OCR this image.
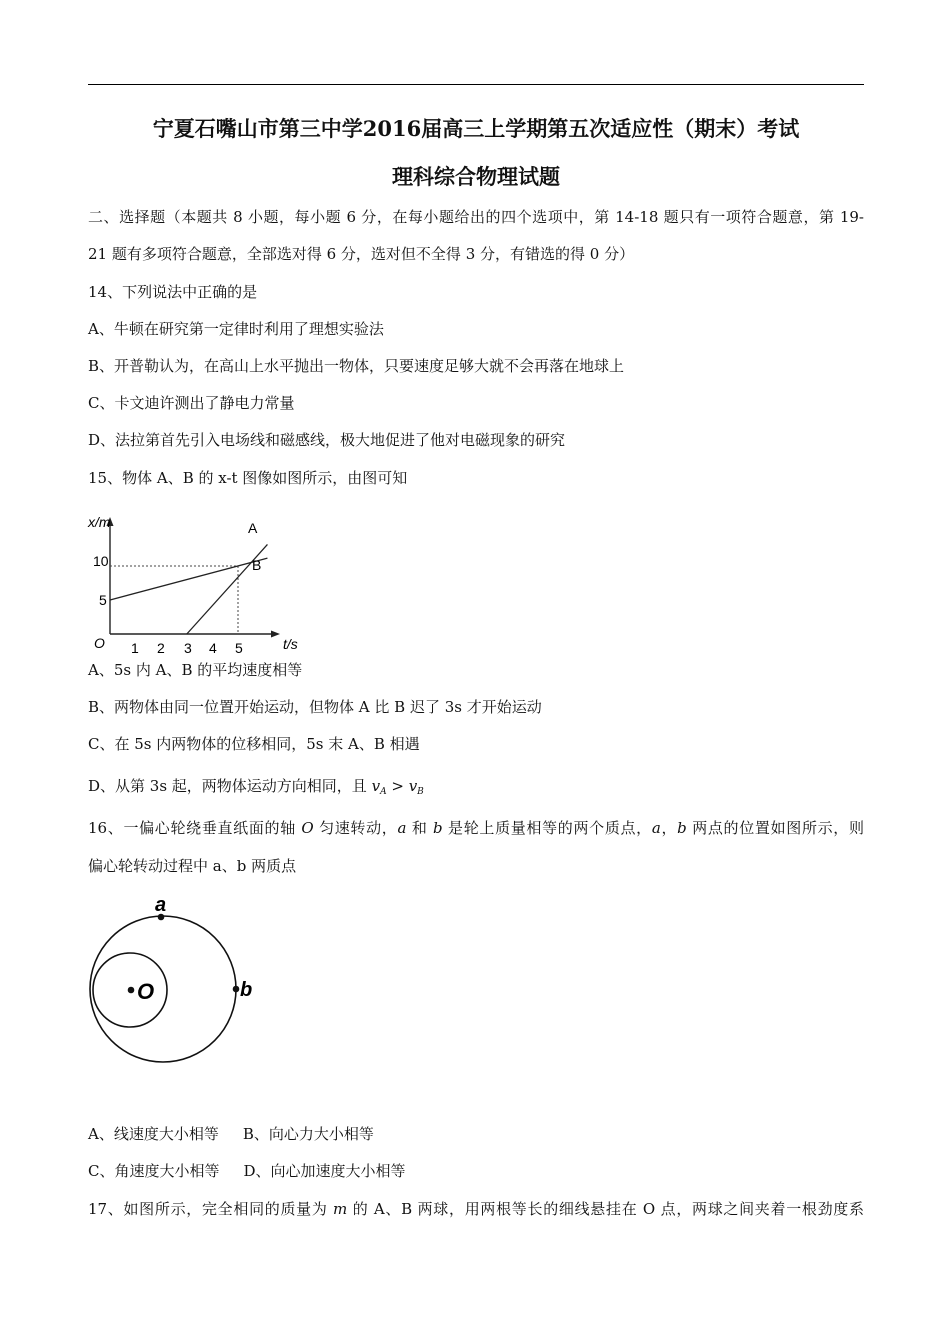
宁夏石嘴山市第三中学2016届高三上学期第五次适应性（期末）考试
理科综合物理试题
二、选择题（本题共 8 小题，每小题 6 分，在每小题给出的四个选项中，第 14-18 题只有一项符合题意，第 19-
21 题有多项符合题意，全部选对得 6 分，选对但不全得 3 分，有错选的得 0 分）
14、下列说法中正确的是
A、牛顿在研究第一定律时利用了理想实验法
B、开普勒认为，在高山上水平抛出一物体，只要速度足够大就不会再落在地球上
C、卡文迪许测出了静电力常量
D、法拉第首先引入电场线和磁感线，极大地促进了他对电磁现象的研究
15、物体 A、B 的 x-t 图像如图所示，由图可知
x/m
t/s
O
5
10
1 2 3 4 5
A
B
A、5s 内 A、B 的平均速度相等
B、两物体由同一位置开始运动，但物体 A 比 B 迟了 3s 才开始运动
C、在 5s 内两物体的位移相同，5s 末 A、B 相遇
D、从第 3s 起，两物体运动方向相同，且 $v_A > v_B$
16、一偏心轮绕垂直纸面的轴 O 匀速转动，a 和 b 是轮上质量相等的两个质点，a，b 两点的位置如图所示，则
偏心轮转动过程中 a、b 两质点
a
b
O
A、线速度大小相等 B、向心力大小相等
C、角速度大小相等 D、向心加速度大小相等
17、如图所示，完全相同的质量为 m 的 A、B 两球，用两根等长的细线悬挂在 O 点，两球之间夹着一根劲度系
